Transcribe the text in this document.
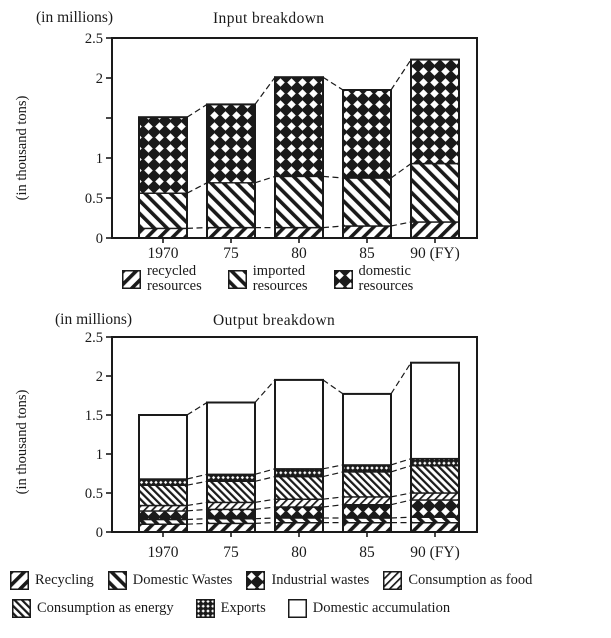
0
0.5
1
2
2.5
(in thousand tons)
1970	75	80	85 90 (FY)
0
0.5
1
1.5
2
2.5
(in thousand tons)
1970	75	80	85 90 (FY)
(in millions)	Input breakdown
recycled
resources
imported
resources
domestic
resources
(in millions)	Output breakdown
Recycling	Domestic Wastes	Industrial wastes	Consumption as food
Consumption as energy	Exports	Domestic accumulation
